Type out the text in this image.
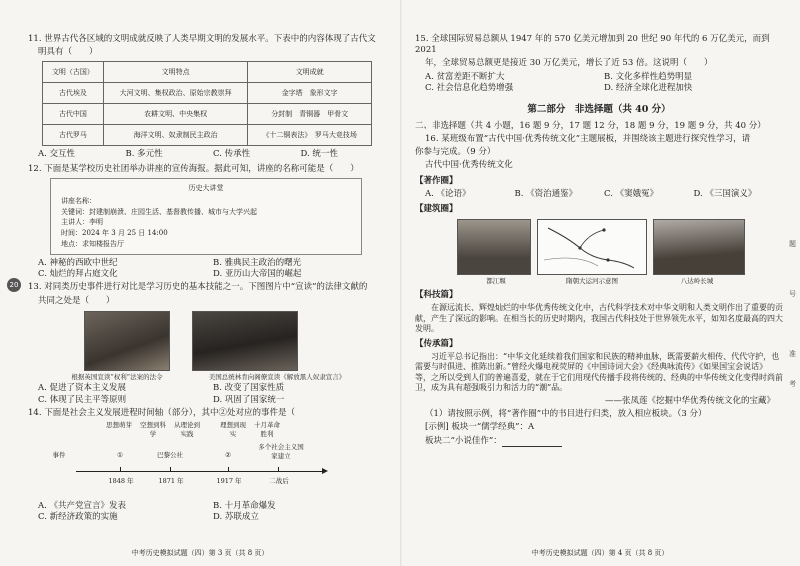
20
11. 世界古代各区域的文明成就反映了人类早期文明的发展水平。下表中的内容体现了古代文
明具有（　　）
文明（古国）	文明特点	文明成就
古代埃及	大河文明、集权政治、原始宗教崇拜	金字塔　象形文字
古代中国	农耕文明、中央集权	分封制　青铜器　甲骨文
古代罗马	海洋文明、奴隶制民主政治	《十二铜表法》　罗马大竞技场
A. 交互性	B. 多元性	C. 传承性	D. 统一性
12. 下面是某学校历史社团举办讲座的宣传海报。据此可知，讲座的名称可能是（　　）
历史大讲堂
讲座名称：
关键词：封建制崩溃、庄园生活、基督教传播、城市与大学兴起
主讲人：李明
时间：2024 年 3 月 25 日 14:00
地点：求知楼报告厅
A. 神秘的西欧中世纪	B. 雅典民主政治的曙光
C. 灿烂的拜占庭文化	D. 亚历山大帝国的崛起
13. 对同类历史事件进行对比是学习历史的基本技能之一。下图图片中“宣读”的法律文献的
共同之处是（　　）
根据英国宣读“权利”法案的法令	美国总统林肯向阁僚宣读《解放黑人奴隶宣言》
A. 促进了资本主义发展	B. 改变了国家性质
C. 体现了民主平等原则	D. 巩固了国家统一
14. 下面是社会主义发展进程时间轴（部分），其中②处对应的事件是（
思想萌芽	空想到科学
从理论到实践
理想到现实
十月革命胜利
事件	①	巴黎公社	②
多个社会主义国家建立
1848 年	1871 年	1917 年	二战后
A. 《共产党宣言》发表	B. 十月革命爆发
C. 新经济政策的实施	D. 苏联成立
中考历史模拟试题（四）第 3 页（共 8 页）
15. 全球国际贸易总额从 1947 年的 570 亿美元增加到 20 世纪 90 年代的 6 万亿美元，而到 2021
年，全球贸易总额更是接近 30 万亿美元，增长了近 53 倍。这说明（　　）
A. 贫富差距不断扩大	B. 文化多样性趋势明显
C. 社会信息化趋势增强	D. 经济全球化进程加快
第二部分　非选择题（共 40 分）
二、非选择题（共 4 小题，16 题 9 分，17 题 12 分，18 题 9 分，19 题 9 分，共 40 分）
16. 某班级布置“古代中国·优秀传统文化”主题展板，并围绕该主题进行探究性学习，请
你参与完成。（9 分）
古代中国·优秀传统文化
【著作圈】
A. 《论语》	B. 《资治通鉴》	C. 《窦娥冤》	D. 《三国演义》
【建筑圈】
都江堰	隋朝大运河示意图	八达岭长城
【科技篇】
在源远流长、辉煌灿烂的中华优秀传统文化中，古代科学技术对中华文明和人类文明作出了重要的贡献，产生了深远的影响。在相当长的历史时期内，我国古代科技处于世界领先水平，如知名度最高的四大发明。
【传承篇】
习近平总书记指出：“中华文化延续着我们国家和民族的精神血脉，既需要薪火相传、代代守护，也需要与时俱进、推陈出新。”曾经火爆电视荧屏的《中国诗词大会》《经典咏流传》《如果国宝会说话》等，之所以受到人们的普遍喜爱，就在于它们用现代传播手段将传统的、经典的中华传统文化变得时尚前卫，成为具有超强吸引力和活力的“潮”品。
——张凤莲《挖掘中华优秀传统文化的宝藏》
（1）请按照示例，将“著作圈”中的书目进行归类，放入相应板块。（3 分）
[示例] 板块一“儒学经典”：A
板块二“小说佳作”：
中考历史模拟试题（四）第 4 页（共 8 页）
题
号
准
考
